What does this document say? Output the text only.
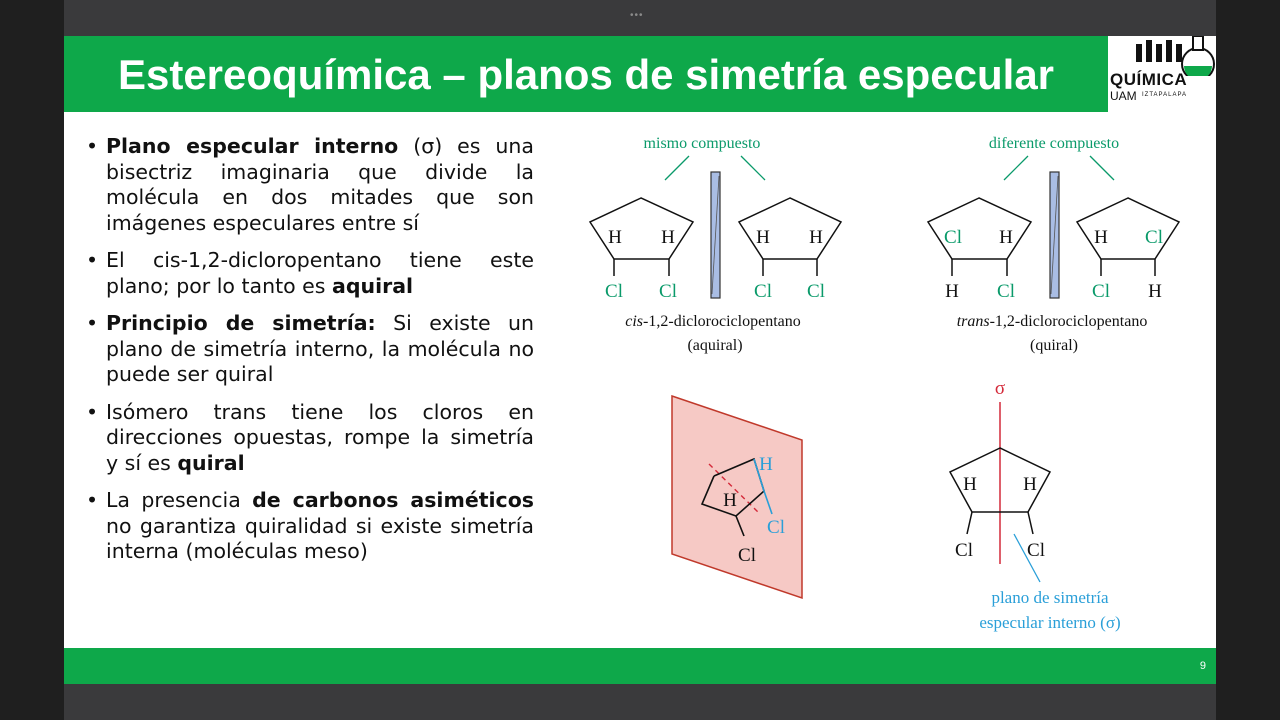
•••
Estereoquímica – planos de simetría especular	QUÍMICA
UAM IZTAPALAPA
• Plano especular interno (σ) es una bisectriz imaginaria que divide la molécula en dos mitades que son imágenes especulares entre sí
• El cis-1,2-dicloropentano tiene este plano; por lo tanto es aquiral
• Principio de simetría: Si existe un plano de simetría interno, la molécula no puede ser quiral
• Isómero trans tiene los cloros en direcciones opuestas, rompe la simetría y sí es quiral
• La presencia de carbonos asiméticos no garantiza quiralidad si existe simetría interna (moléculas meso)
mismo compuesto
H H
Cl Cl
H H
Cl Cl
cis-1,2-diclorociclopentano
(aquiral)
diferente compuesto
Cl H
H Cl
H Cl
Cl H
trans-1,2-diclorociclopentano
(quiral)
H
H
Cl
Cl
σ
H H
Cl	Cl
plano de simetría
especular interno (σ)
9
